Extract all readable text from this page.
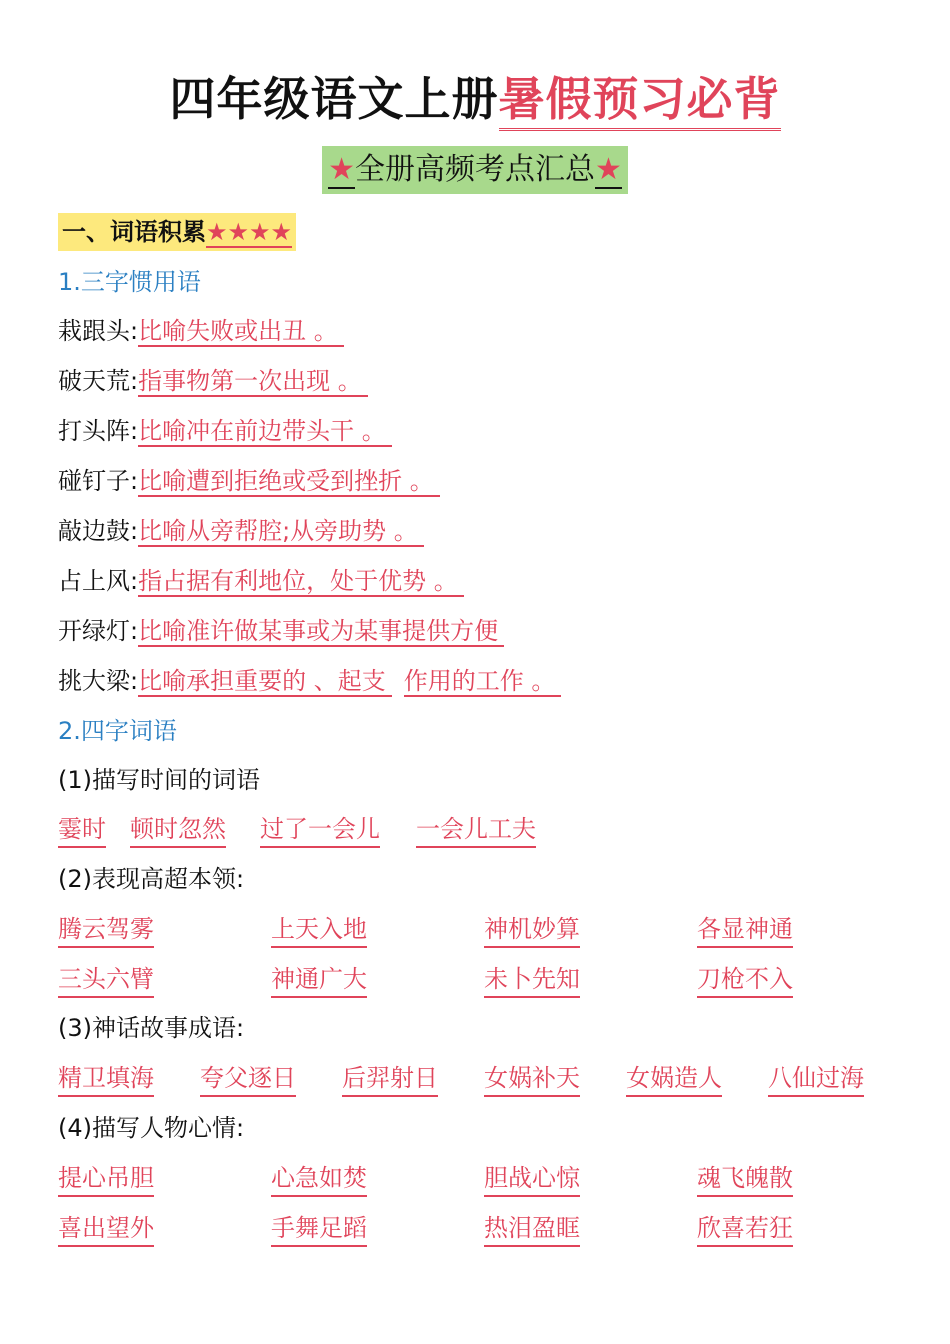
四年级语文上册暑假预习必背
★全册高频考点汇总★
一、词语积累★★★★
1.三字惯用语
栽跟头:比喻失败或出丑 。
破天荒:指事物第一次出现 。
打头阵:比喻冲在前边带头干 。
碰钉子:比喻遭到拒绝或受到挫折 。
敲边鼓:比喻从旁帮腔;从旁助势 。
占上风:指占据有利地位，处于优势 。
开绿灯:比喻准许做某事或为某事提供方便
挑大梁:比喻承担重要的 、起支 作用的工作 。
2.四字词语
(1)描写时间的词语
霎时 顿时忽然 过了一会儿 一会儿工夫
(2)表现高超本领:
腾云驾雾	上天入地	神机妙算	各显神通
三头六臂	神通广大	未卜先知	刀枪不入
(3)神话故事成语:
精卫填海 夸父逐日 后羿射日 女娲补天 女娲造人 八仙过海
(4)描写人物心情:
提心吊胆	心急如焚	胆战心惊	魂飞魄散
喜出望外	手舞足蹈	热泪盈眶	欣喜若狂
